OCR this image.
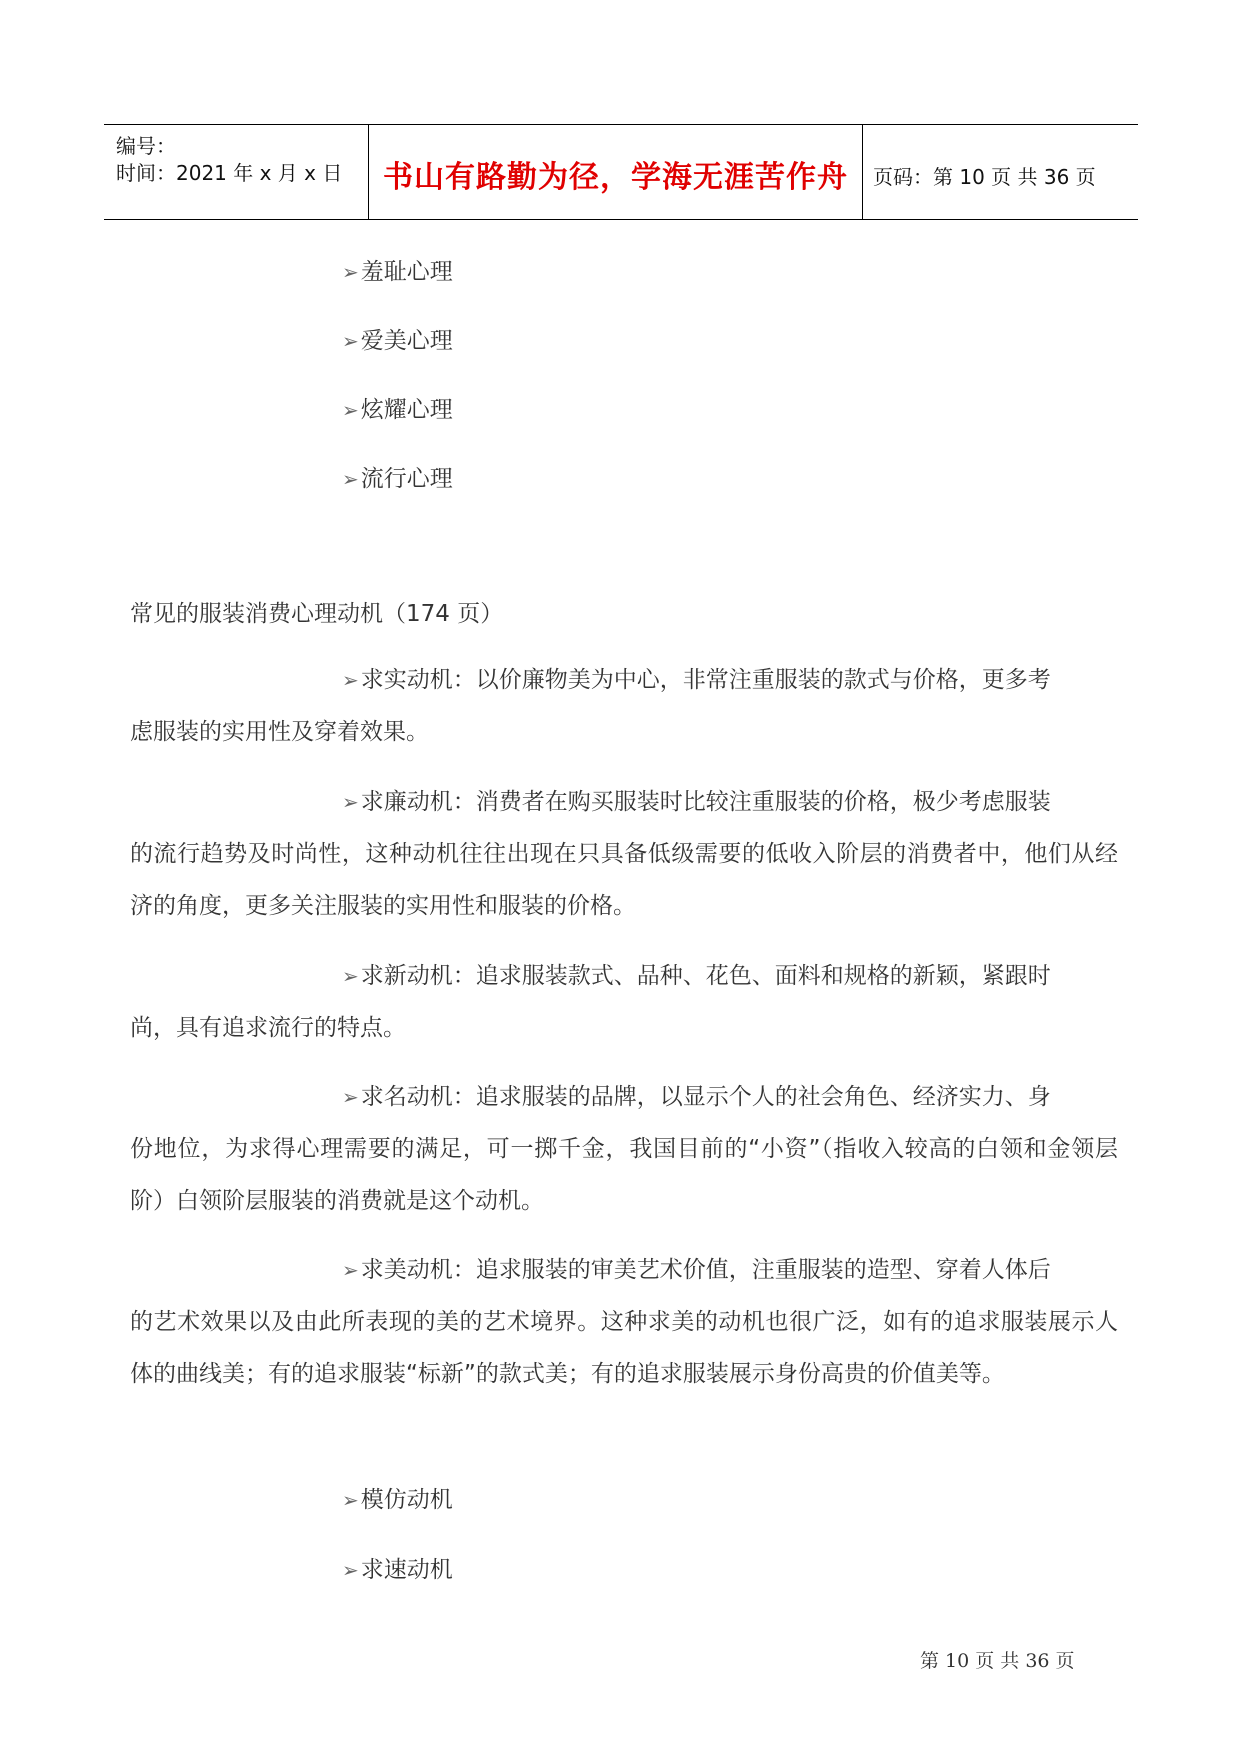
编号：
时间：2021 年 x 月 x 日	书山有路勤为径，学海无涯苦作舟	页码：第 10 页 共 36 页
➢羞耻心理
➢爱美心理
➢炫耀心理
➢流行心理
常见的服装消费心理动机（174 页）
➢求实动机：以价廉物美为中心，非常注重服装的款式与价格，更多考
虑服装的实用性及穿着效果。
➢求廉动机：消费者在购买服装时比较注重服装的价格，极少考虑服装
的流行趋势及时尚性，这种动机往往出现在只具备低级需要的低收入阶层的消费者中，他们从经济的角度，更多关注服装的实用性和服装的价格。
➢求新动机：追求服装款式、品种、花色、面料和规格的新颖，紧跟时
尚，具有追求流行的特点。
➢求名动机：追求服装的品牌，以显示个人的社会角色、经济实力、身
份地位，为求得心理需要的满足，可一掷千金，我国目前的“小资”（指收入较高的白领和金领层阶）白领阶层服装的消费就是这个动机。
➢求美动机：追求服装的审美艺术价值，注重服装的造型、穿着人体后
的艺术效果以及由此所表现的美的艺术境界。这种求美的动机也很广泛，如有的追求服装展示人体的曲线美；有的追求服装“标新”的款式美；有的追求服装展示身份高贵的价值美等。
➢模仿动机
➢求速动机
第 10 页 共 36 页
